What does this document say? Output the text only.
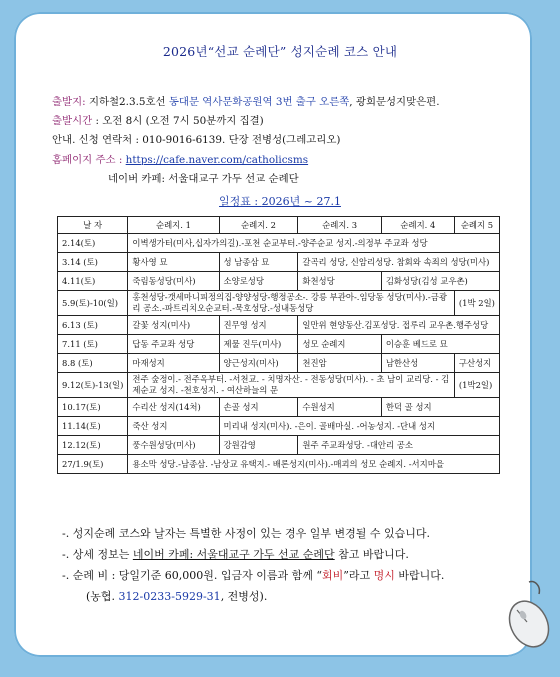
2026년“선교 순례단” 성지순례 코스 안내
출발지: 지하철2.3.5호선 동대문 역사문화공원역 3번 출구 오른쪽, 광희문성지맞은편.
출발시간 : 오전 8시 (오전 7시 50분까지 집결)
안내. 신청 연락처 : 010-9016-6139. 단장 전병성(그레고리오)
홈페이지 주소 : https://cafe.naver.com/catholicsms
네이버 카페: 서울대교구 가두 선교 순례단
일정표 : 2026년 ~ 27.1
날 자	순례지. 1	순례지. 2	순례지. 3	순례지. 4	순례지 5
2.14(토)	이벽생가터(미사,십자가의길).-포천 순교부터.-양주순교 성지.-의정부 주교좌 성당				
3.14 (토)	황사영 묘	성 남종삼 묘	갈곡리 성당, 신암리성당. 참회와 속죄의 성당(미사)		
4.11(토)	죽림동성당(미사)	소양로성당	화천성당	김화성당(김성 교우촌)	
5.9(토)-10(일)	홍천성당-갯세마니피정의집-양양성당-행정공소-. 강릉 부관아-.임당동 성당(미사).-금광리 공소.-파트리치오순교터.-묵호성당.-성내동성당				(1박 2일)
6.13 (토)	갈꽃 성지(미사)	진무영 성지	일만위 현양동산.김포성당. 접루리 교우촌.행주성당		
7.11 (토)	답동 주교좌 성당	제물 진두(미사)	성모 순례지	이승훈 베드로 묘	
8.8 (토)	마재성지	양근성지(미사)	천진암	남한산성	구산성지
9.12(토)-13(일)	전주 숲정이.- 전주옥부터. -서천교. - 치명자산. - 전동성당(미사). - 초 남이 교리당. - 김제순교 성지. -천호성지. - 여산하늘의 문				(1박2일)
10.17(토)	수리산 성지(14처)	손골 성지	수원성지	한덕 골 성지	
11.14(토)	죽산 성지	미리내 성지(미사). -은이. 골배마실. -어농성지. -단내 성지			
12.12(토)	풍수원성당(미사)	강원감영	원주 주교좌성당. -대안리 공소		
27/1.9(토)	용소막 성당.-남종삼. -남상교 유택지.- 배론성지(미사).-매괴의 성모 순례지. -서지마을				
-. 성지순례 코스와 날자는 특별한 사정이 있는 경우 일부 변경될 수 있습니다.
-. 상세 정보는 네이버 카페: 서울대교구 가두 선교 순례단 참고 바랍니다.
-. 순례 비 : 당일기준 60,000원. 입금자 이름과 함께 “회비”라고 명시 바랍니다.
(농협. 312-0233-5929-31, 전병성).
